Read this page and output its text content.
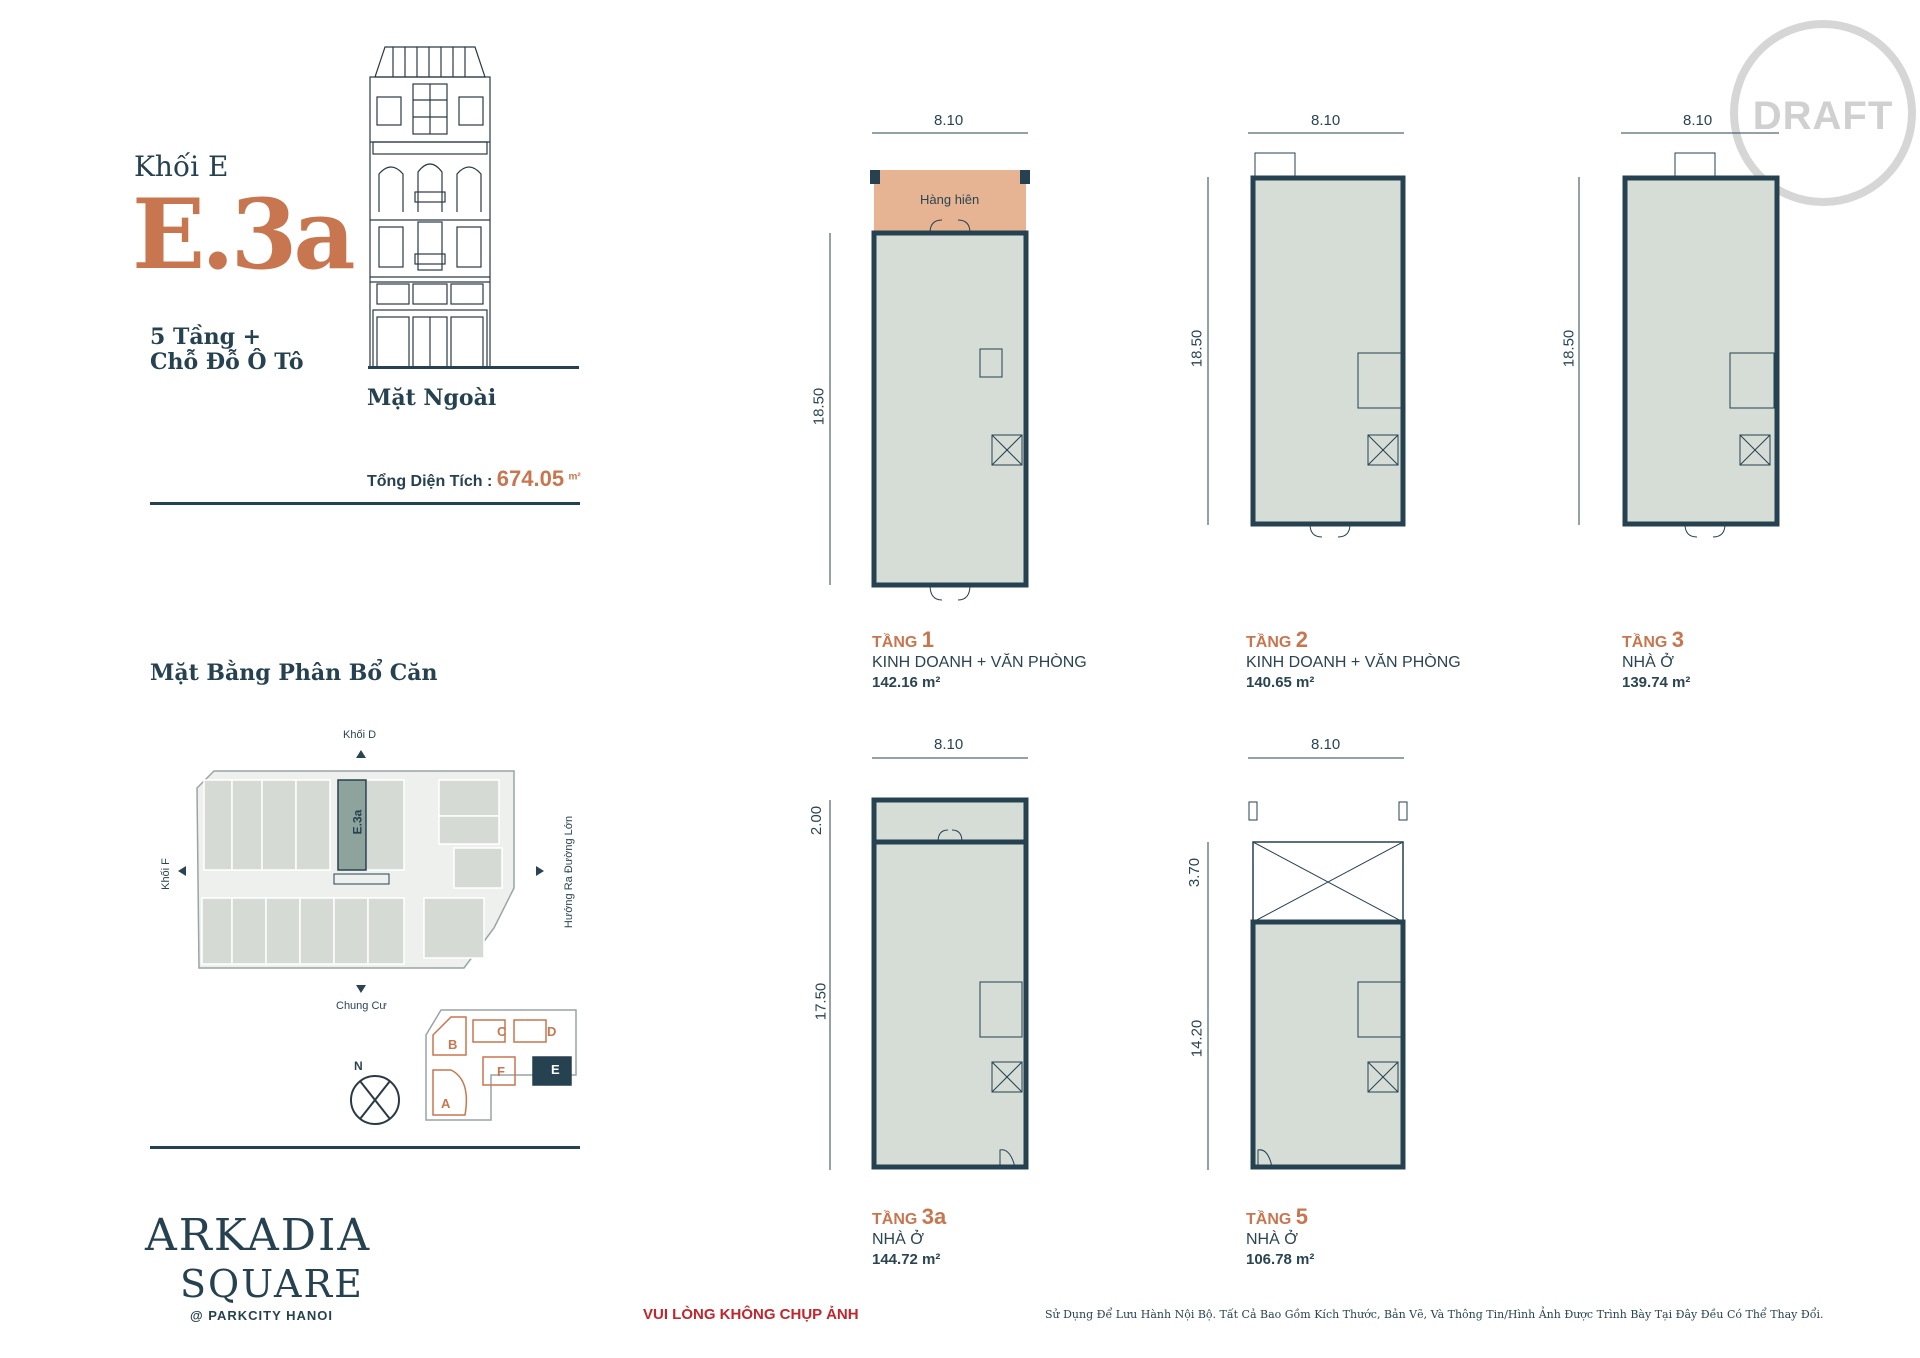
Khối E
E.3a
5 Tầng +
Chỗ Đỗ Ô Tô
Mặt Ngoài
Tổng Diện Tích : 674.05 $^{m^2}$
Mặt Bằng Phân Bổ Căn
Khối D
Khối F	Hướng Ra Đường Lớn
Chung Cư
E.3a
B
C	D
E
F
A
N
ARKADIA
SQUARE
@ PARKCITY HANOI	VUI LÒNG KHÔNG CHỤP ẢNH	Sử Dụng Để Lưu Hành Nội Bộ. Tất Cả Bao Gồm Kích Thước, Bản Vẽ, Và Thông Tin/Hình Ảnh Được Trình Bày Tại Đây Đều Có Thể Thay Đổi.
DRAFT
8.10
18.50
Hàng hiên
TẦNG 1
KINH DOANH + VĂN PHÒNG
142.16 m²
8.10
18.50
TẦNG 2
KINH DOANH + VĂN PHÒNG
140.65 m²
8.10
18.50
TẦNG 3
NHÀ Ở
139.74 m²
8.10
2.00
17.50
TẦNG 3a
NHÀ Ở
144.72 m²
8.10
3.70
14.20
TẦNG 5
NHÀ Ở
106.78 m²
